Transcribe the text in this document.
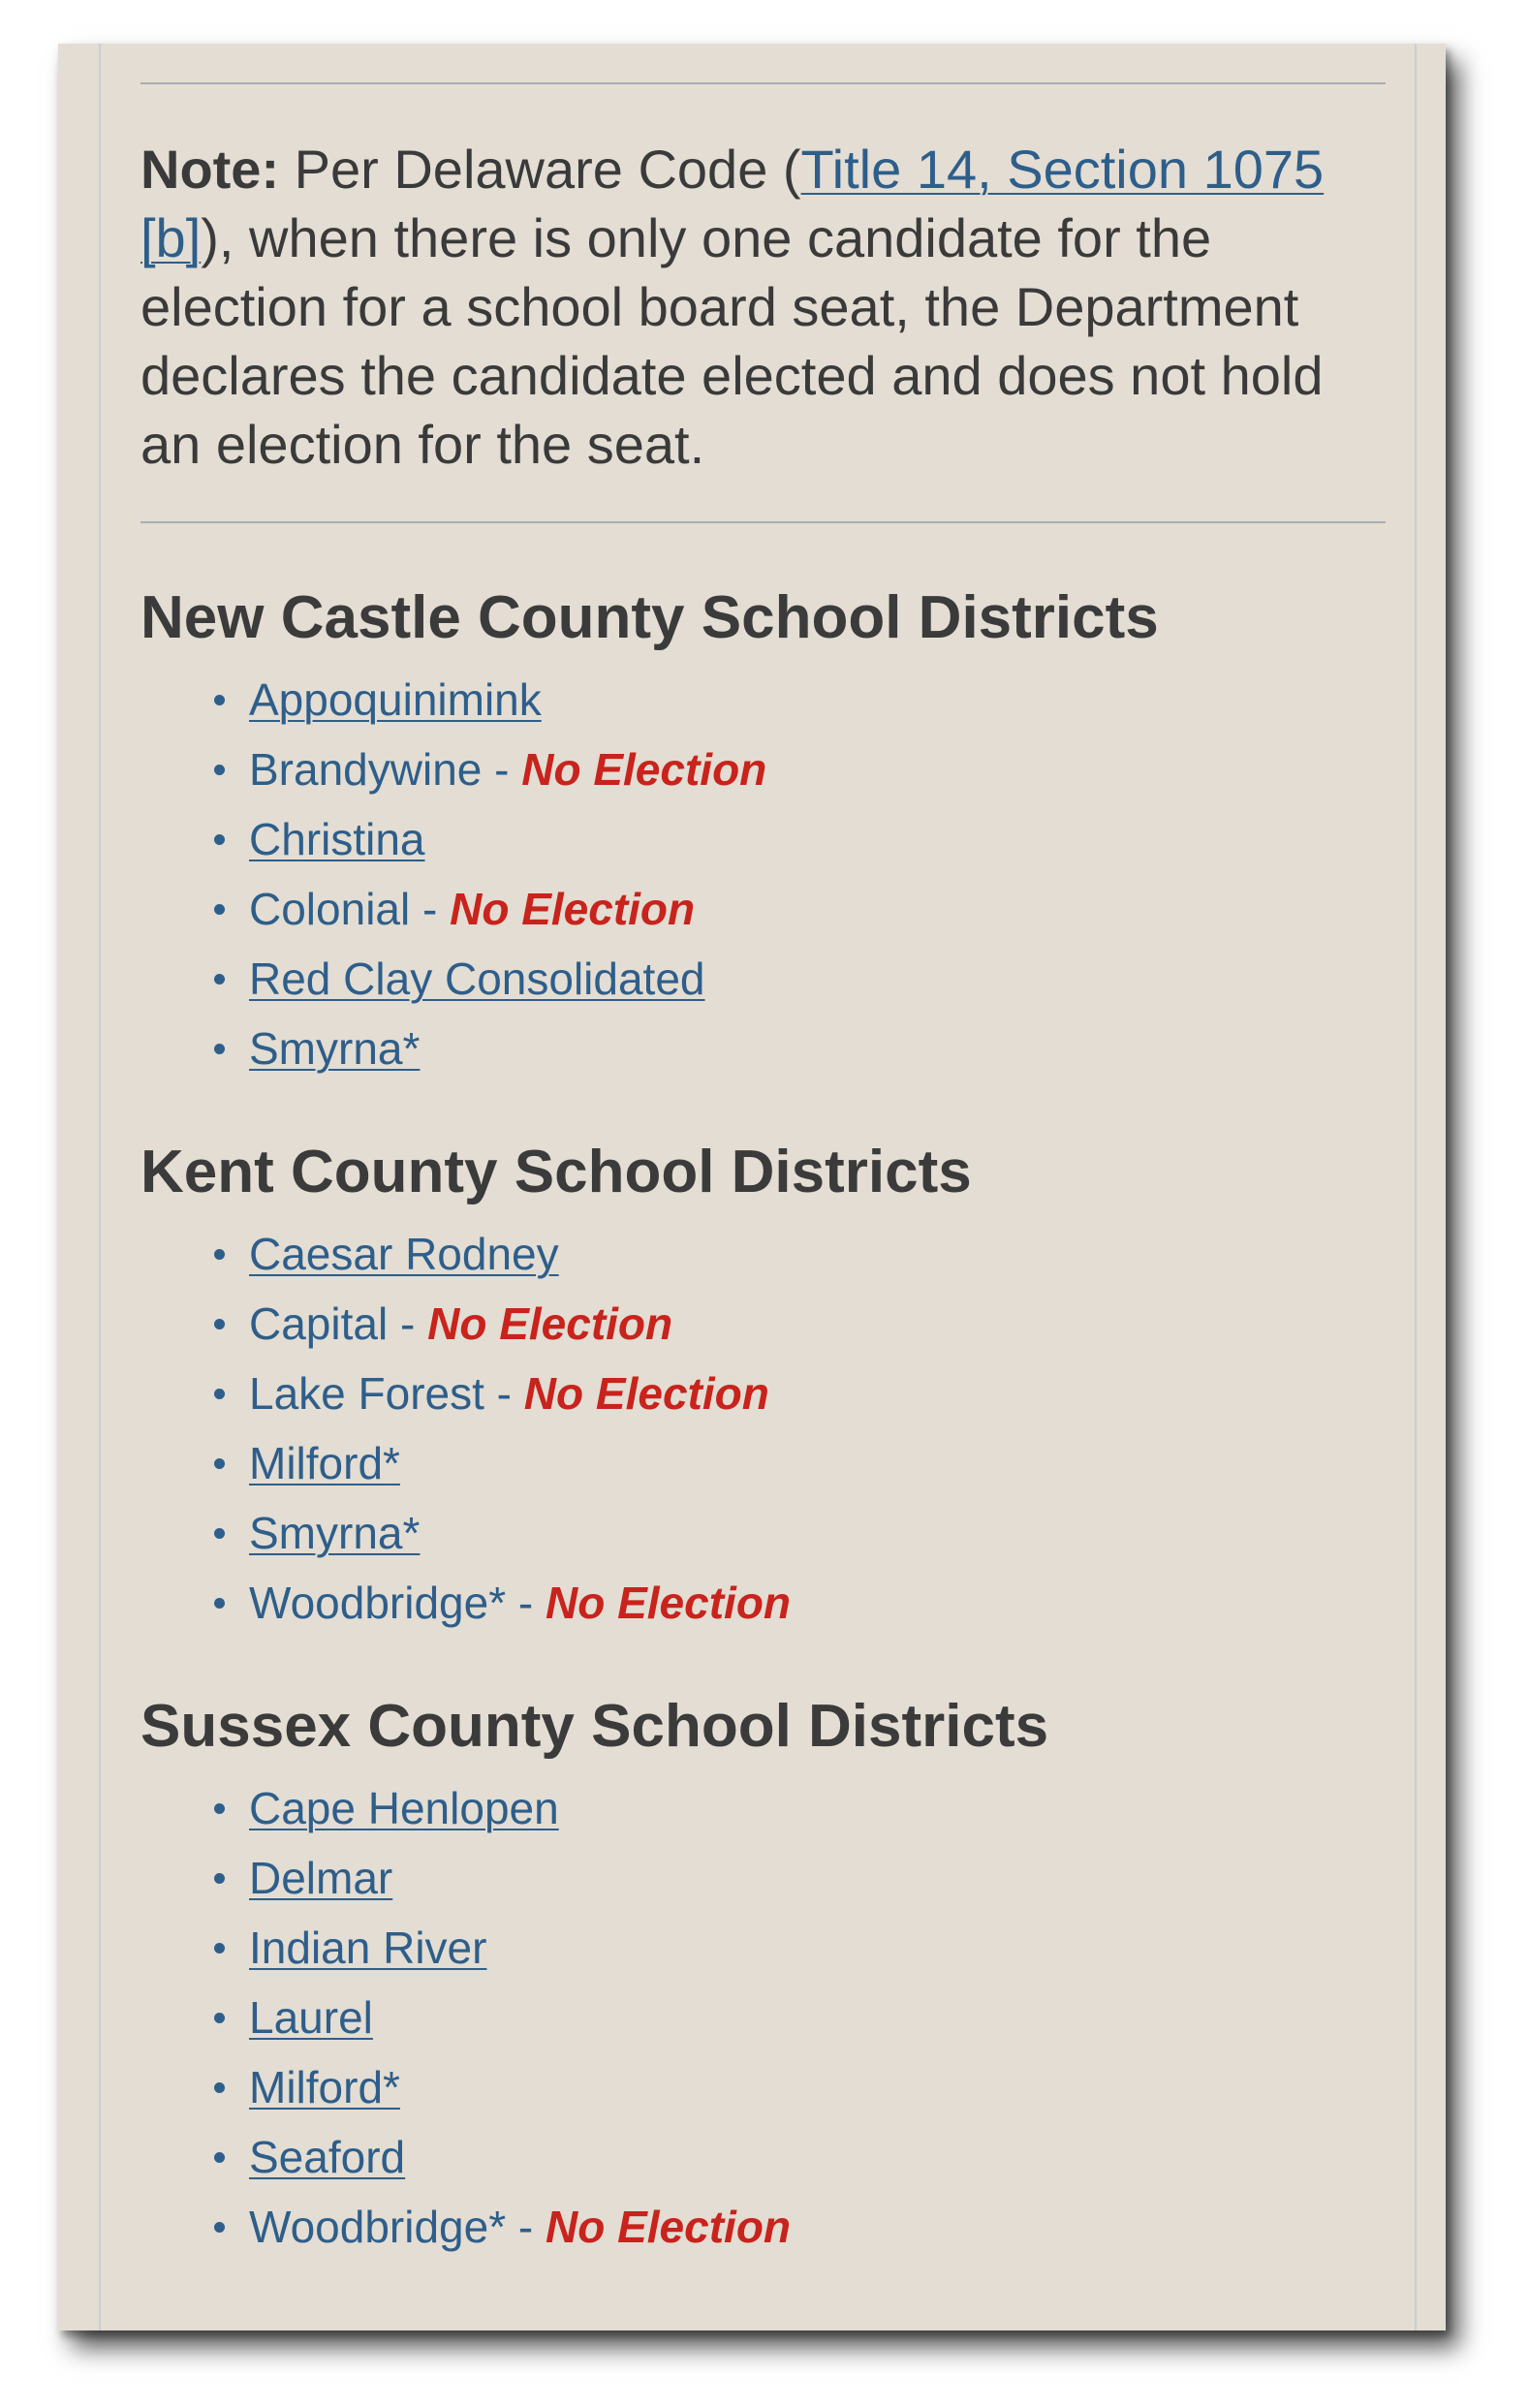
Note: Per Delaware Code (Title 14, Section 1075 [b]), when there is only one candidate for the election for a school board seat, the Department declares the candidate elected and does not hold an election for the seat.

New Castle County School Districts
Appoquinimink
Brandywine - No Election
Christina
Colonial - No Election
Red Clay Consolidated
Smyrna*
Kent County School Districts
Caesar Rodney
Capital - No Election
Lake Forest - No Election
Milford*
Smyrna*
Woodbridge* - No Election
Sussex County School Districts
Cape Henlopen
Delmar
Indian River
Laurel
Milford*
Seaford
Woodbridge* - No Election
